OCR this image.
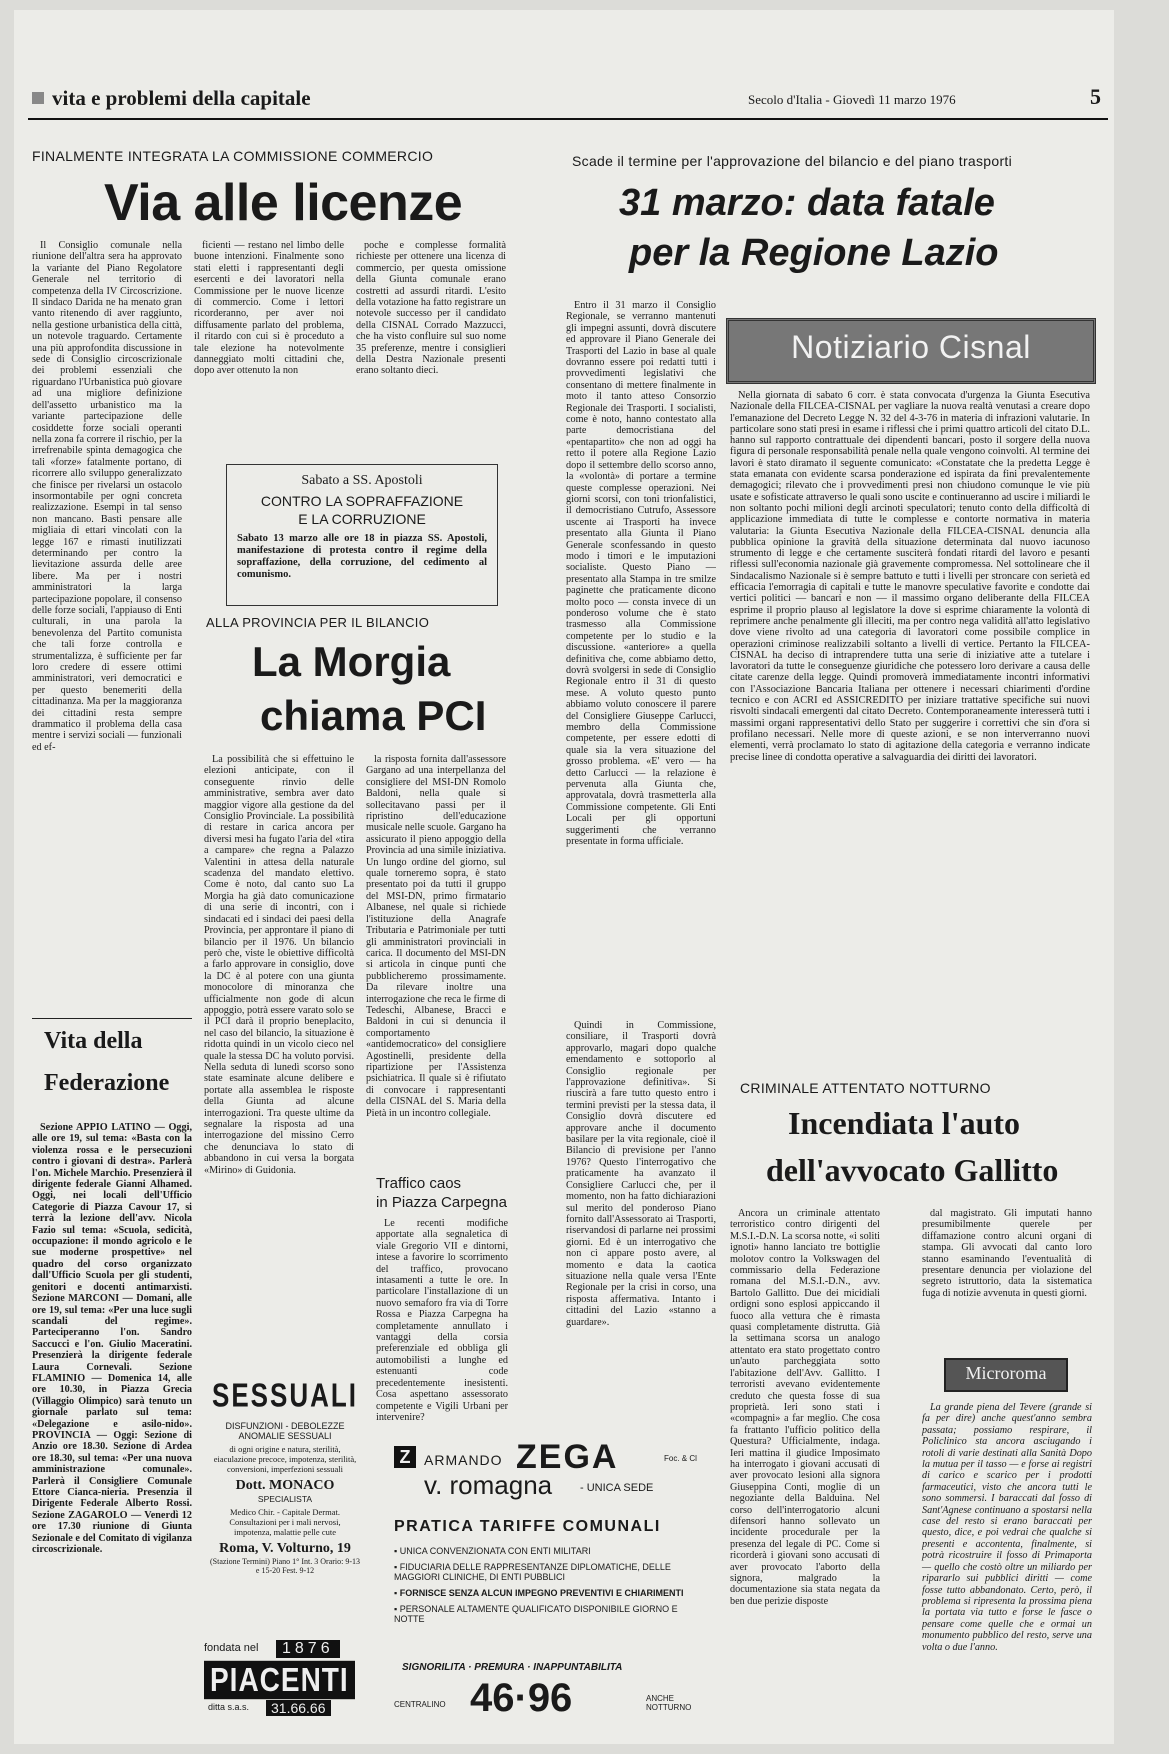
vita e problemi della capitale	Secolo d'Italia - Giovedì 11 marzo 1976	5
FINALMENTE INTEGRATA LA COMMISSIONE COMMERCIO
Via alle licenze

Il Consiglio comunale nella riunione dell'altra sera ha approvato la variante del Piano Regolatore Generale nel territorio di competenza della IV Circoscrizione. Il sindaco Darida ne ha menato gran vanto ritenendo di aver raggiunto, nella gestione urbanistica della città, un notevole traguardo. Certamente una più approfondita discussione in sede di Consiglio circoscrizionale dei problemi essenziali che riguardano l'Urbanistica può giovare ad una migliore definizione dell'assetto urbanistico ma la variante partecipazione delle cosiddette forze sociali operanti nella zona fa correre il rischio, per la irrefrenabile spinta demagogica che tali «forze» fatalmente portano, di ricorrere allo sviluppo generalizzato che finisce per rivelarsi un ostacolo insormontabile per ogni concreta realizzazione. Esempi in tal senso non mancano. Basti pensare alle migliaia di ettari vincolati con la legge 167 e rimasti inutilizzati determinando per contro la lievitazione assurda delle aree libere. Ma per i nostri amministratori la larga partecipazione popolare, il consenso delle forze sociali, l'appiauso di Enti culturali, in una parola la benevolenza del Partito comunista che tali forze controlla e strumentalizza, è sufficiente per far loro credere di essere ottimi amministratori, veri democratici e per questo benemeriti della cittadinanza. Ma per la maggioranza dei cittadini resta sempre drammatico il problema della casa mentre i servizi sociali — funzionali ed ef-

ficienti — restano nel limbo delle buone intenzioni. Finalmente sono stati eletti i rappresentanti degli esercenti e dei lavoratori nella Commissione per le nuove licenze di commercio. Come i lettori ricorderanno, per aver noi diffusamente parlato del problema, il ritardo con cui si è proceduto a tale elezione ha notevolmente danneggiato molti cittadini che, dopo aver ottenuto la non

poche e complesse formalità richieste per ottenere una licenza di commercio, per questa omissione della Giunta comunale erano costretti ad assurdi ritardi. L'esito della votazione ha fatto registrare un notevole successo per il candidato della CISNAL Corrado Mazzucci, che ha visto confluire sul suo nome 35 preferenze, mentre i consiglieri della Destra Nazionale presenti erano soltanto dieci.

Sabato a SS. Apostoli
CONTRO LA SOPRAFFAZIONE
E LA CORRUZIONE
Sabato 13 marzo alle ore 18 in piazza SS. Apostoli, manifestazione di protesta contro il regime della sopraffazione, della corruzione, del cedimento al comunismo.
ALLA PROVINCIA PER IL BILANCIO
La Morgia
chiama PCI

La possibilità che si effettuino le elezioni anticipate, con il conseguente rinvio delle amministrative, sembra aver dato maggior vigore alla gestione da del Consiglio Provinciale. La possibilità di restare in carica ancora per diversi mesi ha fugato l'aria del «tira a campare» che regna a Palazzo Valentini in attesa della naturale scadenza del mandato elettivo. Come è noto, dal canto suo La Morgia ha già dato comunicazione di una serie di incontri, con i sindacati ed i sindaci dei paesi della Provincia, per approntare il piano di bilancio per il 1976. Un bilancio però che, viste le obiettive difficoltà a farlo approvare in consiglio, dove la DC è al potere con una giunta monocolore di minoranza che ufficialmente non gode di alcun appoggio, potrà essere varato solo se il PCI darà il proprio beneplacito, nel caso del bilancio, la situazione è ridotta quindi in un vicolo cieco nel quale la stessa DC ha voluto porvisi. Nella seduta di lunedì scorso sono state esaminate alcune delibere e portate alla assemblea le risposte della Giunta ad alcune interrogazioni. Tra queste ultime da segnalare la risposta ad una interrogazione del missino Cerro che denunciava lo stato di abbandono in cui versa la borgata «Mirino» di Guidonia.

la risposta fornita dall'assessore Gargano ad una interpellanza del consigliere del MSI-DN Romolo Baldoni, nella quale si sollecitavano passi per il ripristino dell'educazione musicale nelle scuole. Gargano ha assicurato il pieno appoggio della Provincia ad una simile iniziativa. Un lungo ordine del giorno, sul quale torneremo sopra, è stato presentato poi da tutti il gruppo del MSI-DN, primo firmatario Albanese, nel quale si richiede l'istituzione della Anagrafe Tributaria e Patrimoniale per tutti gli amministratori provinciali in carica. Il documento del MSI-DN si articola in cinque punti che pubblicheremo prossimamente. Da rilevare inoltre una interrogazione che reca le firme di Tedeschi, Albanese, Bracci e Baldoni in cui si denuncia il comportamento «antidemocratico» del consigliere Agostinelli, presidente della ripartizione per l'Assistenza psichiatrica. Il quale si è rifiutato di convocare i rappresentanti della CISNAL del S. Maria della Pietà in un incontro collegiale.

Traffico caos
in Piazza Carpegna

Le recenti modifiche apportate alla segnaletica di viale Gregorio VII e dintorni, intese a favorire lo scorrimento del traffico, provocano intasamenti a tutte le ore. In particolare l'installazione di un nuovo semaforo fra via di Torre Rossa e Piazza Carpegna ha completamente annullato i vantaggi della corsia preferenziale ed obbliga gli automobilisti a lunghe ed estenuanti code precedentemente inesistenti. Cosa aspettano assessorato competente e Vigili Urbani per intervenire?

Vita della
Federazione

Sezione APPIO LATINO — Oggi, alle ore 19, sul tema: «Basta con la violenza rossa e le persecuzioni contro i giovani di destra». Parlerà l'on. Michele Marchio. Presenzierà il dirigente federale Gianni Alhamed. Oggi, nei locali dell'Ufficio Categorie di Piazza Cavour 17, si terrà la lezione dell'avv. Nicola Fazio sul tema: «Scuola, sedicità, occupazione: il mondo agricolo e le sue moderne prospettive» nel quadro del corso organizzato dall'Ufficio Scuola per gli studenti, genitori e docenti antimarxisti. Sezione MARCONI — Domani, alle ore 19, sul tema: «Per una luce sugli scandali del regime». Parteciperanno l'on. Sandro Saccucci e l'on. Giulio Maceratini. Presenzierà la dirigente federale Laura Cornevali. Sezione FLAMINIO — Domenica 14, alle ore 10.30, in Piazza Grecia (Villaggio Olimpico) sarà tenuto un giornale parlato sul tema: «Delegazione e asilo-nido». PROVINCIA — Oggi: Sezione di Anzio ore 18.30. Sezione di Ardea ore 18.30, sul tema: «Per una nuova amministrazione comunale». Parlerà il Consigliere Comunale Ettore Cianca-nieria. Presenzia il Dirigente Federale Alberto Rossi. Sezione ZAGAROLO — Venerdì 12 ore 17.30 riunione di Giunta Sezionale e del Comitato di vigilanza circoscrizionale.

SESSUALI
DISFUNZIONI - DEBOLEZZE ANOMALIE SESSUALI
di ogni origine e natura, sterilità, eiaculazione precoce, impotenza, sterilità, conversioni, imperfezioni sessuali
Dott. MONACO
SPECIALISTA
Medico Chir. - Capitale Dermat. Consultazioni per i mali nervosi, impotenza, malattie pelle cute
Roma, V. Volturno, 19
(Stazione Termini) Piano 1° Int. 3 Orario: 9-13 e 15-20 Fest. 9-12
fondata nel	1876
PIACENTI
ditta s.a.s.	31.66.66
Scade il termine per l'approvazione del bilancio e del piano trasporti
31 marzo: data fatale
per la Regione Lazio

Entro il 31 marzo il Consiglio Regionale, se verranno mantenuti gli impegni assunti, dovrà discutere ed approvare il Piano Generale dei Trasporti del Lazio in base al quale dovranno essere poi redatti tutti i provvedimenti legislativi che consentano di mettere finalmente in moto il tanto atteso Consorzio Regionale dei Trasporti. I socialisti, come è noto, hanno contestato alla parte democristiana del «pentapartito» che non ad oggi ha retto il potere alla Regione Lazio dopo il settembre dello scorso anno, la «volontà» di portare a termine queste complesse operazioni. Nei giorni scorsi, con toni trionfalistici, il democristiano Cutrufo, Assessore uscente ai Trasporti ha invece presentato alla Giunta il Piano Generale sconfessando in questo modo i timori e le imputazioni socialiste. Questo Piano — presentato alla Stampa in tre smilze paginette che praticamente dicono molto poco — consta invece di un ponderoso volume che è stato trasmesso alla Commissione competente per lo studio e la discussione. «anteriore» a quella definitiva che, come abbiamo detto, dovrà svolgersi in sede di Consiglio Regionale entro il 31 di questo mese. A voluto questo punto abbiamo voluto conoscere il parere del Consigliere Giuseppe Carlucci, membro della Commissione competente, per essere edotti di quale sia la vera situazione del grosso problema. «E' vero — ha detto Carlucci — la relazione è pervenuta alla Giunta che, approvatala, dovrà trasmetterla alla Commissione competente. Gli Enti Locali per gli opportuni suggerimenti che verranno presentate in forma ufficiale.

Notiziario Cisnal

Nella giornata di sabato 6 corr. è stata convocata d'urgenza la Giunta Esecutiva Nazionale della FILCEA-CISNAL per vagliare la nuova realtà venutasi a creare dopo l'emanazione del Decreto Legge N. 32 del 4-3-76 in materia di infrazioni valutarie. In particolare sono stati presi in esame i riflessi che i primi quattro articoli del citato D.L. hanno sul rapporto contrattuale dei dipendenti bancari, posto il sorgere della nuova figura di personale responsabilità penale nella quale vengono coinvolti. Al termine dei lavori è stato diramato il seguente comunicato: «Constatate che la predetta Legge è stata emanata con evidente scarsa ponderazione ed ispirata da fini prevalentemente demagogici; rilevato che i provvedimenti presi non chiudono comunque le vie più usate e sofisticate attraverso le quali sono uscite e continueranno ad uscire i miliardi le non soltanto pochi milioni degli arcinoti speculatori; tenuto conto della difficoltà di applicazione immediata di tutte le complesse e contorte normativa in materia valutaria: la Giunta Esecutiva Nazionale della FILCEA-CISNAL denuncia alla pubblica opinione la gravità della situazione determinata dal nuovo iacunoso strumento di legge e che certamente susciterà fondati ritardi del lavoro e pesanti riflessi sull'economia nazionale già gravemente compromessa. Nel sottolineare che il Sindacalismo Nazionale si è sempre battuto e tutti i livelli per stroncare con serietà ed efficacia l'emorragia di capitali e tutte le manovre speculative favorite e condotte dai vertici politici — bancari e non — il massimo organo deliberante della FILCEA esprime il proprio plauso al legislatore la dove si esprime chiaramente la volontà di reprimere anche penalmente gli illeciti, ma per contro nega validità all'atto legislativo dove viene rivolto ad una categoria di lavoratori come possibile complice in operazioni criminose realizzabili soltanto a livelli di vertice. Pertanto la FILCEA-CISNAL ha deciso di intraprendere tutta una serie di iniziative atte a tutelare i lavoratori da tutte le conseguenze giuridiche che potessero loro derivare a causa delle citate carenze della legge. Quindi promoverà immediatamente incontri informativi con l'Associazione Bancaria Italiana per ottenere i necessari chiarimenti d'ordine tecnico e con ACRI ed ASSICREDITO per iniziare trattative specifiche sui nuovi risvolti sindacali emergenti dal citato Decreto. Contemporaneamente interesserà tutti i massimi organi rappresentativi dello Stato per suggerire i correttivi che sin d'ora si profilano necessari. Nelle more di queste azioni, e se non interverranno nuovi elementi, verrà proclamato lo stato di agitazione della categoria e verranno indicate precise linee di condotta operative a salvaguardia dei diritti dei lavoratori.

Quindi in Commissione, consiliare, il Trasporti dovrà approvarlo, magari dopo qualche emendamento e sottoporlo al Consiglio regionale per l'approvazione definitiva». Si riuscirà a fare tutto questo entro i termini previsti per la stessa data, il Consiglio dovrà discutere ed approvare anche il documento basilare per la vita regionale, cioè il Bilancio di previsione per l'anno 1976? Questo l'interrogativo che praticamente ha avanzato il Consigliere Carlucci che, per il momento, non ha fatto dichiarazioni sul merito del ponderoso Piano fornito dall'Assessorato ai Trasporti, riservandosi di parlarne nei prossimi giorni. Ed è un interrogativo che non ci appare posto avere, al momento e data la caotica situazione nella quale versa l'Ente Regionale per la crisi in corso, una risposta affermativa. Intanto i cittadini del Lazio «stanno a guardare».

CRIMINALE ATTENTATO NOTTURNO
Incendiata l'auto
dell'avvocato Gallitto

Ancora un criminale attentato terroristico contro dirigenti del M.S.I.-D.N. La scorsa notte, «i soliti ignoti» hanno lanciato tre bottiglie molotov contro la Volkswagen del commissario della Federazione romana del M.S.I.-D.N., avv. Bartolo Gallitto. Due dei micidiali ordigni sono esplosi appiccando il fuoco alla vettura che è rimasta quasi completamente distrutta. Già la settimana scorsa un analogo attentato era stato progettato contro un'auto parcheggiata sotto l'abitazione dell'Avv. Gallitto. I terroristi avevano evidentemente creduto che questa fosse di sua proprietà. Ieri sono stati i «compagni» a far meglio. Che cosa fa frattanto l'ufficio politico della Questura? Ufficialmente, indaga. Ieri mattina il giudice Imposimato ha interrogato i giovani accusati di aver provocato lesioni alla signora Giuseppina Conti, moglie di un negoziante della Balduina. Nel corso dell'interrogatorio alcuni difensori hanno sollevato un incidente procedurale per la presenza del legale di PC. Come si ricorderà i giovani sono accusati di aver provocato l'aborto della signora, malgrado la documentazione sia stata negata da ben due perizie disposte

dal magistrato. Gli imputati hanno presumibilmente querele per diffamazione contro alcuni organi di stampa. Gli avvocati dal canto loro stanno esaminando l'eventualità di presentare denuncia per violazione del segreto istruttorio, data la sistematica fuga di notizie avvenuta in questi giorni.

Microroma

La grande piena del Tevere (grande si fa per dire) anche quest'anno sembra passata; possiamo respirare, il Policlinico sta ancora asciugando i rotoli di varie destinati alla Sanità Dopo la mutua per il tasso — e forse ai registri di carico e scarico per i prodotti farmaceutici, visto che ancora tutti le sono sommersi. I baraccati dal fosso di Sant'Agnese continuano a spostarsi nella case del resto si erano baraccati per questo, dice, e poi vedrai che qualche si presenti e accontenta, finalmente, si potrà ricostruire il fosso di Primaporta — quello che costò oltre un miliardo per ripararlo sui pubblici diritti — come fosse tutto abbandonato. Certo, però, il problema si ripresenta la prossima piena la portata via tutto e forse le fasce o pensare come quelle che e ormai un monumento pubblico del resto, serve una volta o due l'anno.

Z ARMANDO ZEGA	Foc. & Cl
v. romagna	- UNICA SEDE
PRATICA TARIFFE COMUNALI
▪ UNICA CONVENZIONATA CON ENTI MILITARI
▪ FIDUCIARIA DELLE RAPPRESENTANZE DIPLOMATICHE, DELLE MAGGIORI CLINICHE, DI ENTI PUBBLICI
▪ FORNISCE SENZA ALCUN IMPEGNO PREVENTIVI E CHIARIMENTI
▪ PERSONALE ALTAMENTE QUALIFICATO DISPONIBILE GIORNO E NOTTE
SIGNORILITA · PREMURA · INAPPUNTABILITA
CENTRALINO 46·96	ANCHE NOTTURNO
